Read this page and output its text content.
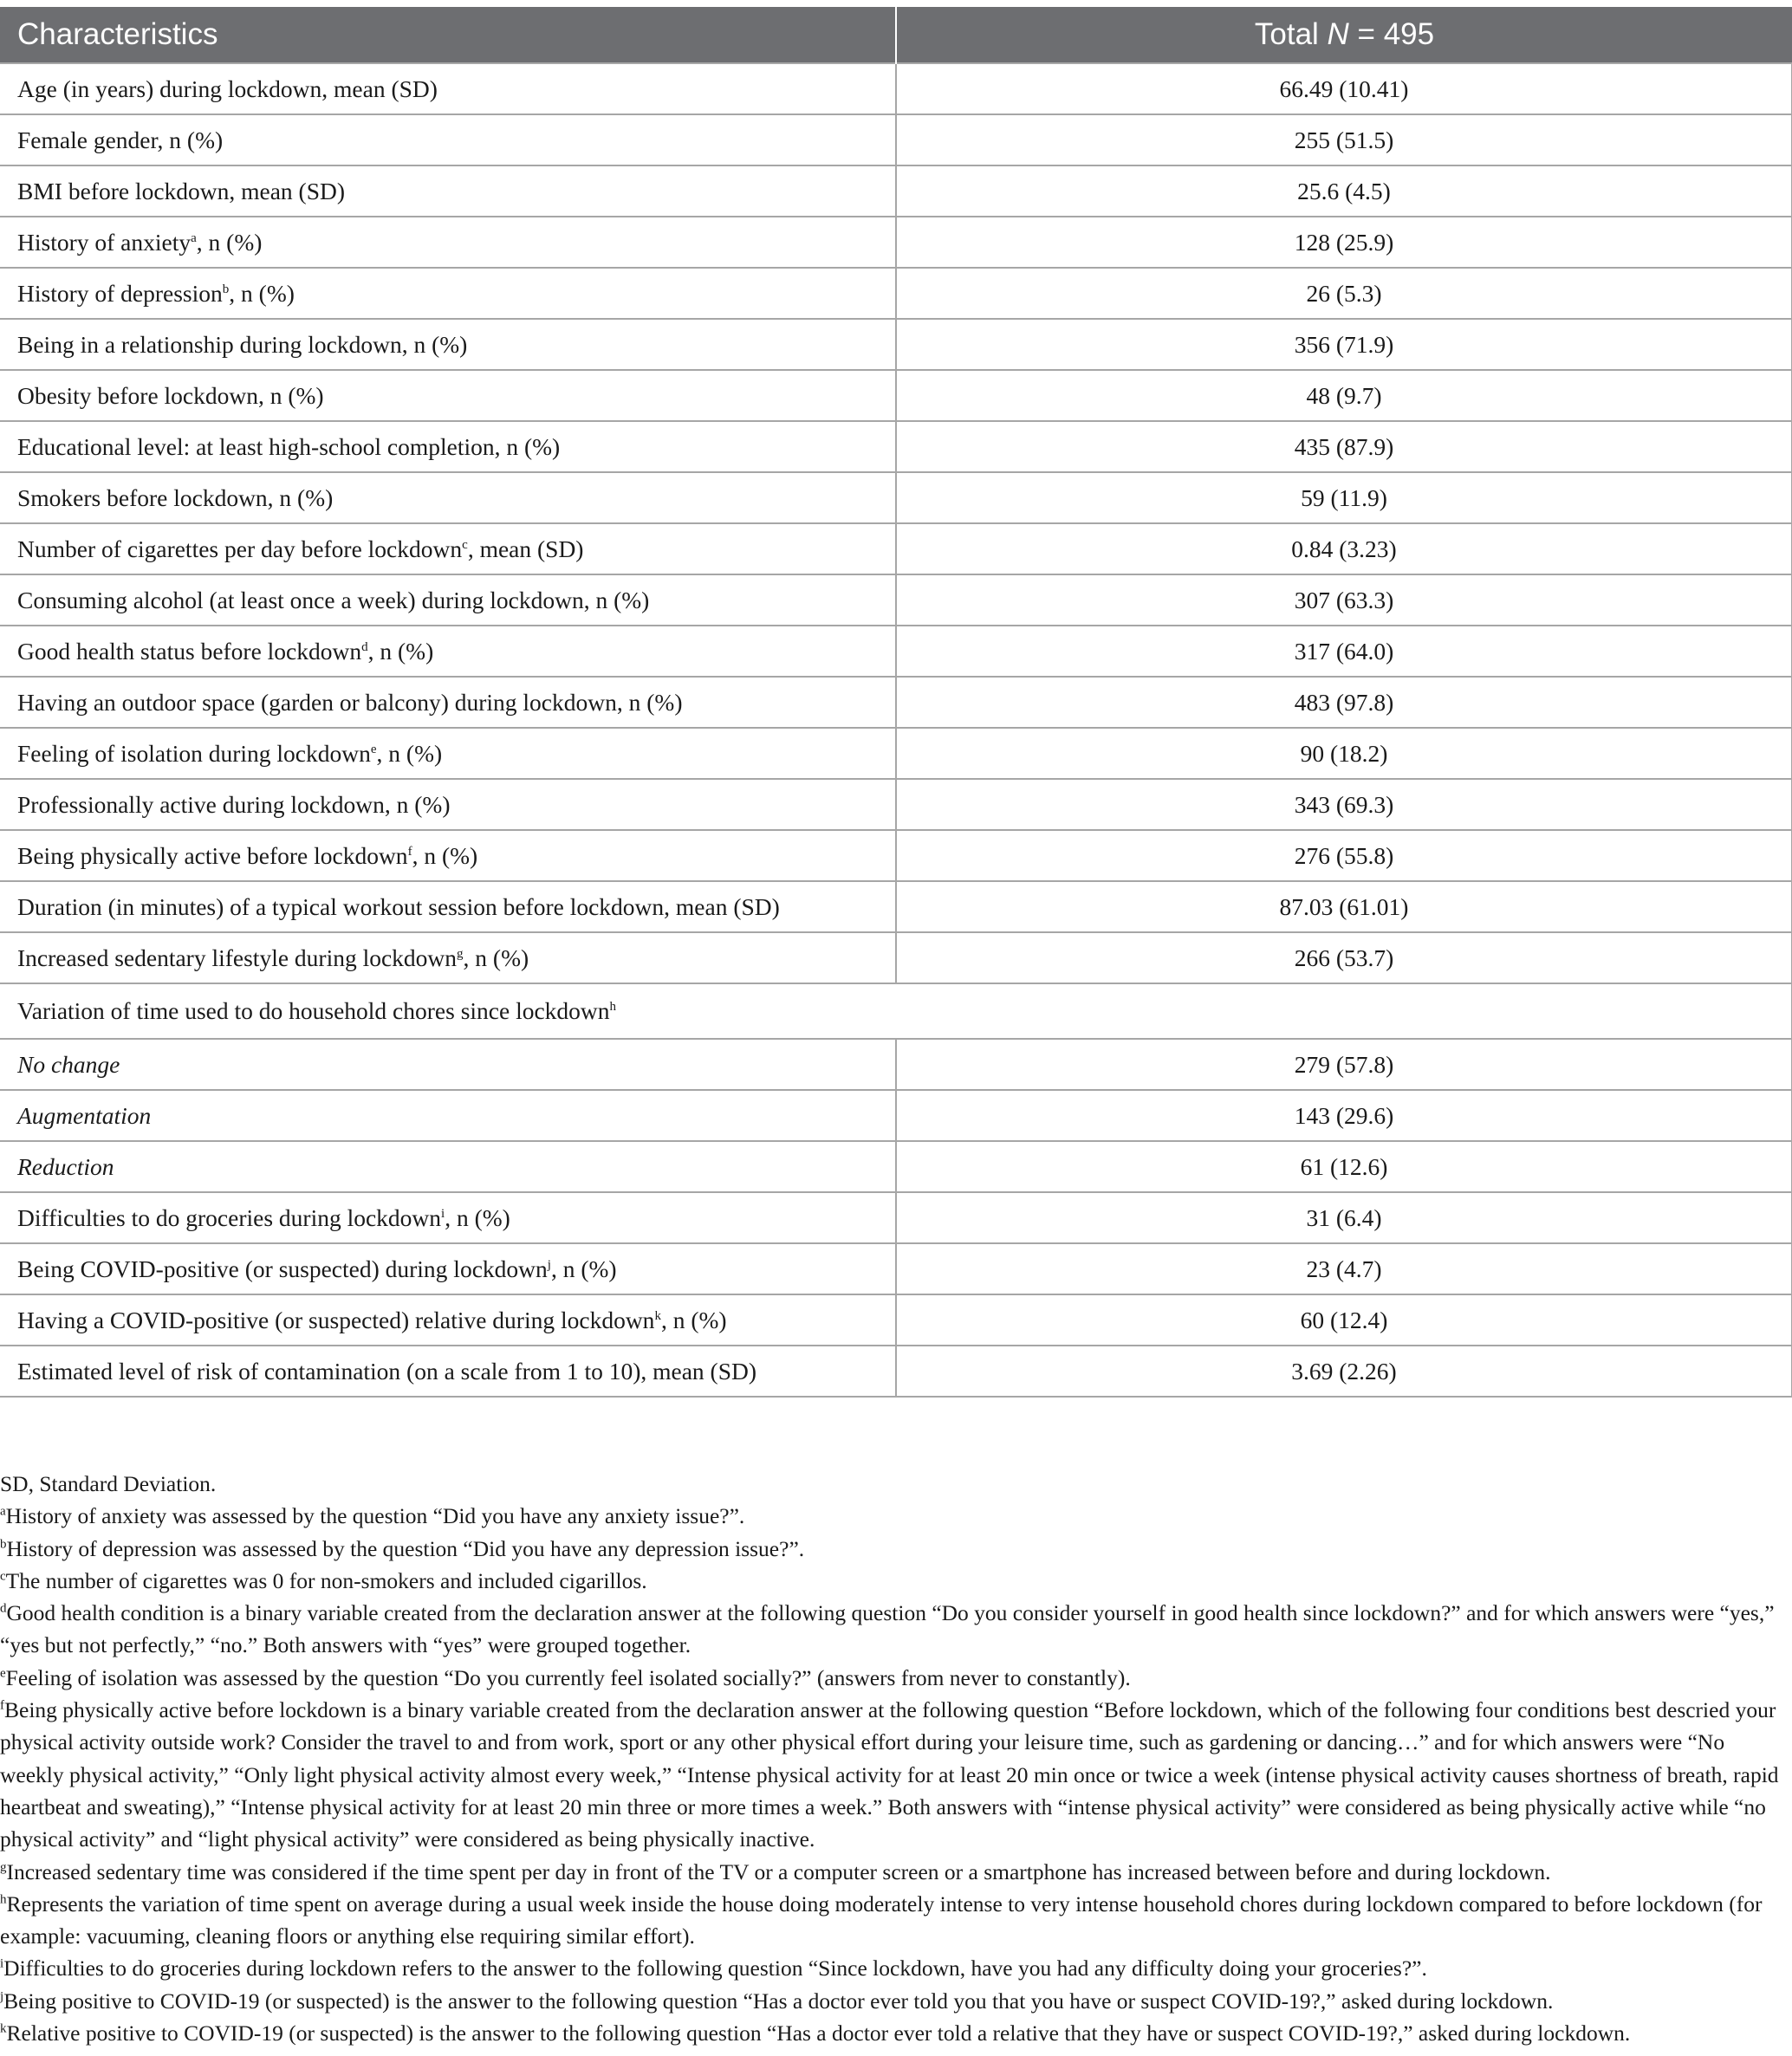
Characteristics	Total N = 495
Age (in years) during lockdown, mean (SD)	66.49 (10.41)
Female gender, n (%)	255 (51.5)
BMI before lockdown, mean (SD)	25.6 (4.5)
History of anxiety$^a$, n (%)	128 (25.9)
History of depression$^b$, n (%)	26 (5.3)
Being in a relationship during lockdown, n (%)	356 (71.9)
Obesity before lockdown, n (%)	48 (9.7)
Educational level: at least high-school completion, n (%)	435 (87.9)
Smokers before lockdown, n (%)	59 (11.9)
Number of cigarettes per day before lockdown$^c$, mean (SD)	0.84 (3.23)
Consuming alcohol (at least once a week) during lockdown, n (%)	307 (63.3)
Good health status before lockdown$^d$, n (%)	317 (64.0)
Having an outdoor space (garden or balcony) during lockdown, n (%)	483 (97.8)
Feeling of isolation during lockdown$^e$, n (%)	90 (18.2)
Professionally active during lockdown, n (%)	343 (69.3)
Being physically active before lockdown$^f$, n (%)	276 (55.8)
Duration (in minutes) of a typical workout session before lockdown, mean (SD)	87.03 (61.01)
Increased sedentary lifestyle during lockdown$^g$, n (%)	266 (53.7)
Variation of time used to do household chores since lockdown$^h$
No change	279 (57.8)
Augmentation	143 (29.6)
Reduction	61 (12.6)
Difficulties to do groceries during lockdown$^i$, n (%)	31 (6.4)
Being COVID-positive (or suspected) during lockdown$^j$, n (%)	23 (4.7)
Having a COVID-positive (or suspected) relative during lockdown$^k$, n (%)	60 (12.4)
Estimated level of risk of contamination (on a scale from 1 to 10), mean (SD)	3.69 (2.26)

SD, Standard Deviation.

$^a$History of anxiety was assessed by the question “Did you have any anxiety issue?”.

$^b$History of depression was assessed by the question “Did you have any depression issue?”.

$^c$The number of cigarettes was 0 for non-smokers and included cigarillos.

$^d$Good health condition is a binary variable created from the declaration answer at the following question “Do you consider yourself in good health since lockdown?” and for which answers were “yes,” “yes but not perfectly,” “no.” Both answers with “yes” were grouped together.

$^e$Feeling of isolation was assessed by the question “Do you currently feel isolated socially?” (answers from never to constantly).

$^f$Being physically active before lockdown is a binary variable created from the declaration answer at the following question “Before lockdown, which of the following four conditions best descried your physical activity outside work? Consider the travel to and from work, sport or any other physical effort during your leisure time, such as gardening or dancing…” and for which answers were “No weekly physical activity,” “Only light physical activity almost every week,” “Intense physical activity for at least 20 min once or twice a week (intense physical activity causes shortness of breath, rapid heartbeat and sweating),” “Intense physical activity for at least 20 min three or more times a week.” Both answers with “intense physical activity” were considered as being physically active while “no physical activity” and “light physical activity” were considered as being physically inactive.

$^g$Increased sedentary time was considered if the time spent per day in front of the TV or a computer screen or a smartphone has increased between before and during lockdown.

$^h$Represents the variation of time spent on average during a usual week inside the house doing moderately intense to very intense household chores during lockdown compared to before lockdown (for example: vacuuming, cleaning floors or anything else requiring similar effort).

$^i$Difficulties to do groceries during lockdown refers to the answer to the following question “Since lockdown, have you had any difficulty doing your groceries?”.

$^j$Being positive to COVID-19 (or suspected) is the answer to the following question “Has a doctor ever told you that you have or suspect COVID-19?,” asked during lockdown.

$^k$Relative positive to COVID-19 (or suspected) is the answer to the following question “Has a doctor ever told a relative that they have or suspect COVID-19?,” asked during lockdown.
